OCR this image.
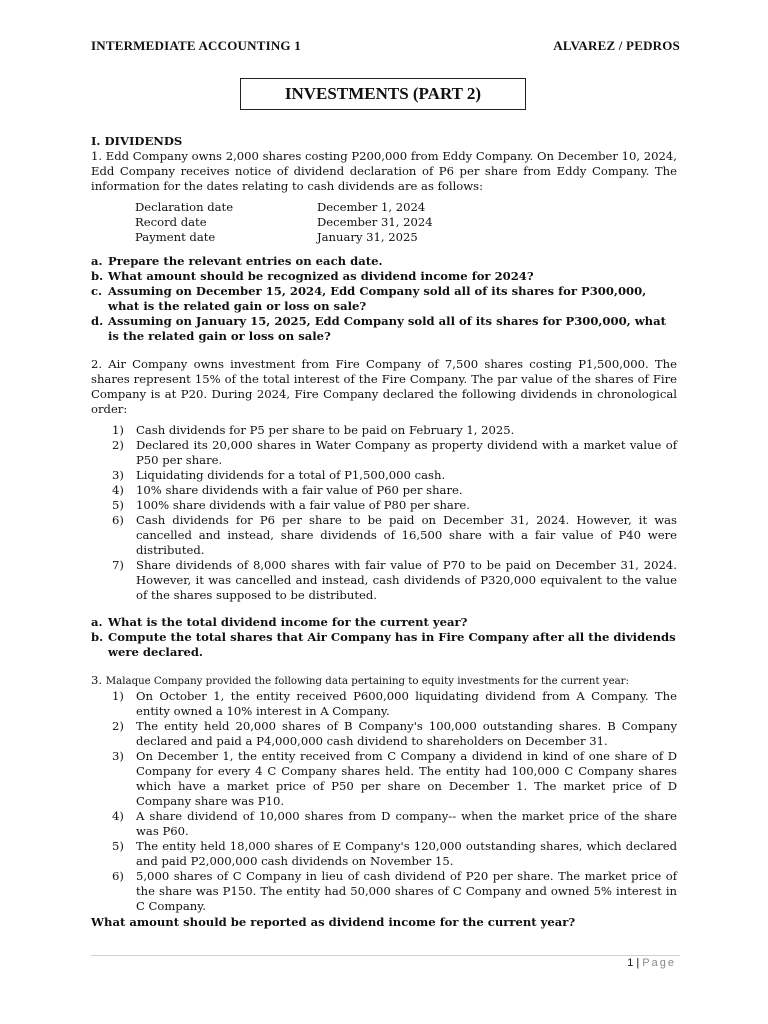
INTERMEDIATE ACCOUNTING 1	ALVAREZ / PEDROS
INVESTMENTS (PART 2)
I. DIVIDENDS

1. Edd Company owns 2,000 shares costing P200,000 from Eddy Company. On December 10, 2024, Edd Company receives notice of dividend declaration of P6 per share from Eddy Company. The information for the dates relating to cash dividends are as follows:

Declaration date	December 1, 2024
Record date	December 31, 2024
Payment date	January 31, 2025
a. Prepare the relevant entries on each date.
b. What amount should be recognized as dividend income for 2024?
c. Assuming on December 15, 2024, Edd Company sold all of its shares for P300,000, what is the related gain or loss on sale?
d. Assuming on January 15, 2025, Edd Company sold all of its shares for P300,000, what is the related gain or loss on sale?

2. Air Company owns investment from Fire Company of 7,500 shares costing P1,500,000. The shares represent 15% of the total interest of the Fire Company. The par value of the shares of Fire Company is at P20. During 2024, Fire Company declared the following dividends in chronological order:

1)	Cash dividends for P5 per share to be paid on February 1, 2025.
2)	Declared its 20,000 shares in Water Company as property dividend with a market value of P50 per share.
3)	Liquidating dividends for a total of P1,500,000 cash.
4)	10% share dividends with a fair value of P60 per share.
5)	100% share dividends with a fair value of P80 per share.
6)	Cash dividends for P6 per share to be paid on December 31, 2024. However, it was cancelled and instead, share dividends of 16,500 share with a fair value of P40 were distributed.
7)	Share dividends of 8,000 shares with fair value of P70 to be paid on December 31, 2024. However, it was cancelled and instead, cash dividends of P320,000 equivalent to the value of the shares supposed to be distributed.
a. What is the total dividend income for the current year?
b. Compute the total shares that Air Company has in Fire Company after all the dividends were declared.

3. Malaque Company provided the following data pertaining to equity investments for the current year:

1)	On October 1, the entity received P600,000 liquidating dividend from A Company. The entity owned a 10% interest in A Company.
2)	The entity held 20,000 shares of B Company's 100,000 outstanding shares. B Company declared and paid a P4,000,000 cash dividend to shareholders on December 31.
3)	On December 1, the entity received from C Company a dividend in kind of one share of D Company for every 4 C Company shares held. The entity had 100,000 C Company shares which have a market price of P50 per share on December 1. The market price of D Company share was P10.
4)	A share dividend of 10,000 shares from D company-- when the market price of the share was P60.
5)	The entity held 18,000 shares of E Company's 120,000 outstanding shares, which declared and paid P2,000,000 cash dividends on November 15.
6)	5,000 shares of C Company in lieu of cash dividend of P20 per share. The market price of the share was P150. The entity had 50,000 shares of C Company and owned 5% interest in C Company.

What amount should be reported as dividend income for the current year?

1 | Page
